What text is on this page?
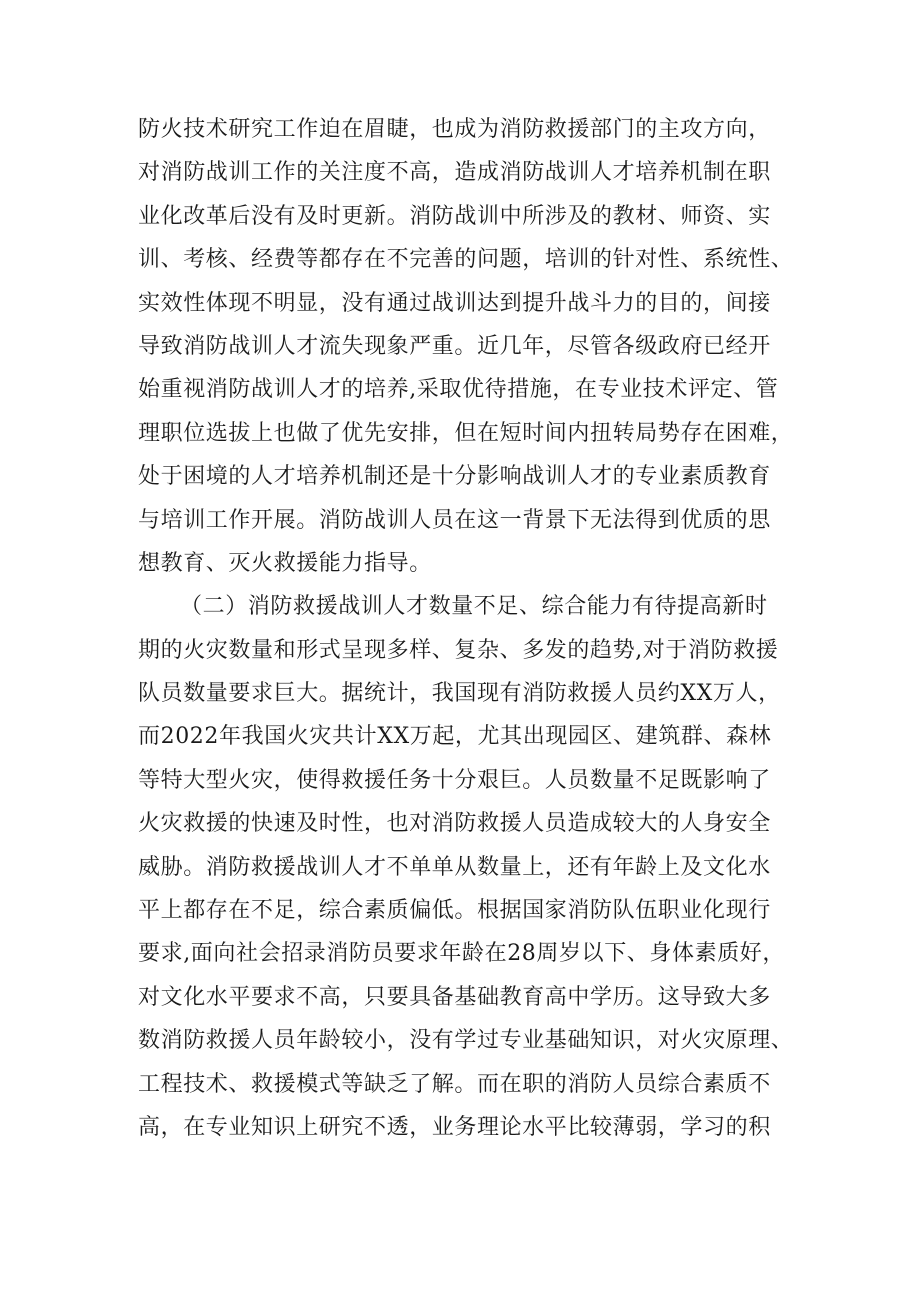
防火技术研究工作迫在眉睫，也成为消防救援部门的主攻方向，
对消防战训工作的关注度不高，造成消防战训人才培养机制在职
业化改革后没有及时更新。消防战训中所涉及的教材、师资、实
训、考核、经费等都存在不完善的问题，培训的针对性、系统性、
实效性体现不明显，没有通过战训达到提升战斗力的目的，间接
导致消防战训人才流失现象严重。近几年，尽管各级政府已经开
始重视消防战训人才的培养,采取优待措施，在专业技术评定、管
理职位选拔上也做了优先安排，但在短时间内扭转局势存在困难，
处于困境的人才培养机制还是十分影响战训人才的专业素质教育
与培训工作开展。消防战训人员在这一背景下无法得到优质的思
想教育、灭火救援能力指导。
（二）消防救援战训人才数量不足、综合能力有待提高新时
期的火灾数量和形式呈现多样、复杂、多发的趋势,对于消防救援
队员数量要求巨大。据统计，我国现有消防救援人员约XX万人，
而2022年我国火灾共计XX万起，尤其出现园区、建筑群、森林
等特大型火灾，使得救援任务十分艰巨。人员数量不足既影响了
火灾救援的快速及时性，也对消防救援人员造成较大的人身安全
威胁。消防救援战训人才不单单从数量上，还有年龄上及文化水
平上都存在不足，综合素质偏低。根据国家消防队伍职业化现行
要求,面向社会招录消防员要求年龄在28周岁以下、身体素质好，
对文化水平要求不高，只要具备基础教育高中学历。这导致大多
数消防救援人员年龄较小，没有学过专业基础知识，对火灾原理、
工程技术、救援模式等缺乏了解。而在职的消防人员综合素质不
高，在专业知识上研究不透，业务理论水平比较薄弱，学习的积
